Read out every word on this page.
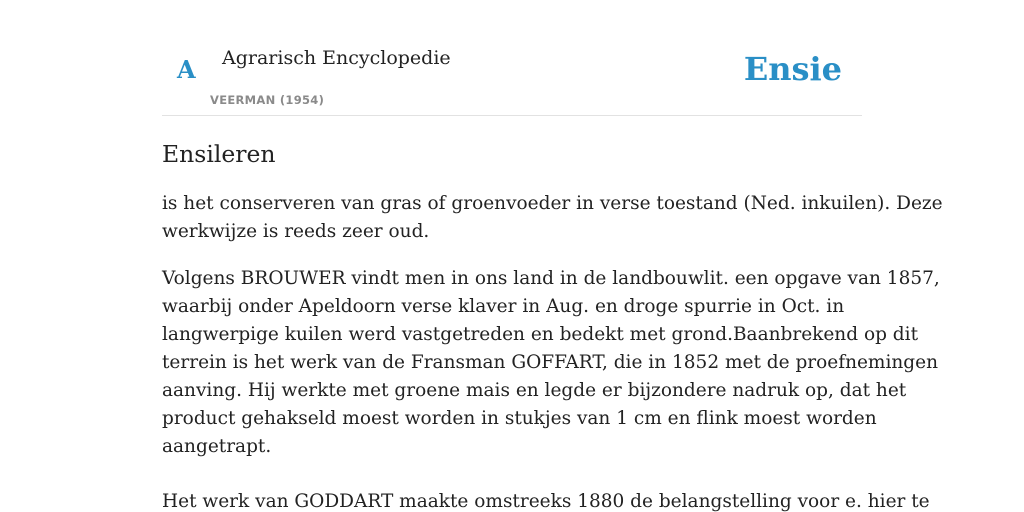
A Agrarisch Encyclopedie
VEERMAN (1954)
Ensie
Ensileren

is het conserveren van gras of groenvoeder in verse toestand (Ned. inkuilen). Deze
werkwijze is reeds zeer oud.

Volgens BROUWER vindt men in ons land in de landbouwlit. een opgave van 1857,
waarbij onder Apeldoorn verse klaver in Aug. en droge spurrie in Oct. in
langwerpige kuilen werd vastgetreden en bedekt met grond.Baanbrekend op dit
terrein is het werk van de Fransman GOFFART, die in 1852 met de proefnemingen
aanving. Hij werkte met groene mais en legde er bijzondere nadruk op, dat het
product gehakseld moest worden in stukjes van 1 cm en flink moest worden
aangetrapt.

Het werk van GODDART maakte omstreeks 1880 de belangstelling voor e. hier te
